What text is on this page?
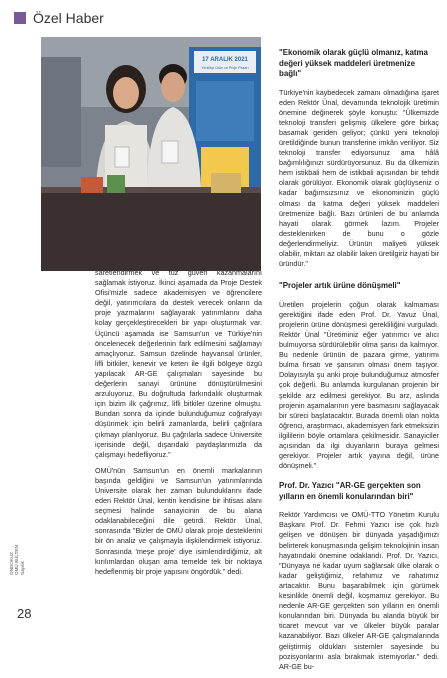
Özel Haber
17 ARALIK 2021
Yenilikçi Ürün ve Proje Pazarı

saretlendirmek ve tüz güven kazanmalarını sağlamak istiyoruz. İkinci aşamada da Proje Destek Ofisi'mizle sadece akademisyen ve öğrencilere değil, yatırımcılara da destek verecek onların da proje yazmalarını sağlayarak yatırımlarını daha kolay gerçekleştirecekleri bir yapı oluşturmak var. Üçüncü aşamada ise Samsun'un ve Türkiye'nin öncelenecek değerlerinin fark edilmesini sağlamayı amaçlıyoruz. Samsun özelinde hayvansal ürünler, lifli bitkiler, kenevir ve keten ile ilgili bölgeye özgü yapılacak AR-GE çalışmaları sayesinde bu değerlerin sanayi ürününe dönüştürülmesini arzuluyoruz. Bu doğrultuda farkındalık oluşturmak için bizim ilk çağrımız, lifli bitkiler üzerine olmuştu. Bundan sonra da içinde bulunduğumuz coğrafyayı düşünmek için belirli zamanlarda, belirli çağrılara çıkmayı planlıyoruz. Bu çağrılarla sadece Üniversite içerisinde değil, dışarıdaki paydaşlarımızla da çalışmayı hedefliyoruz."

OMÜ'nün Samsun'un en önemli markalarının başında geldiğini ve Samsun'un yatırımlarında Üniversite olarak her zaman bulunduklarını ifade eden Rektör Ünal, kentin kendisine bir ihtisas alanı seçmesi halinde sanayicinin de bu alana odaklanabileceğini dile getirdi. Rektör Ünal, sonrasında "Bizler de OMÜ olarak proje desteklerini bir ön analiz ve çalışmayla ilişkilendirmek istiyoruz. Sonrasında 'meşe proje' diye isimlendirdiğimiz, alt kırılımlardan oluşan ama temelde tek bir noktaya hedeflenmiş bir proje yapısını öngördük." dedi.

"Ekonomik olarak güçlü olmanız, katma değeri yüksek maddeleri üretmenize bağlı"

Türkiye'nin kaybedecek zamanı olmadığına işaret eden Rektör Ünal, devamında teknolojik üretimin önemine değinerek şöyle konuştu: "Ülkemizde teknoloji transferi gelişmiş ülkelere göre birkaç basamak geriden geliyor; çünkü yeni teknoloji üretildiğinde bunun transferine imkân veriliyor. Siz teknoloji transfer ediyorsunuz ama hâlâ bağımlılığınızı sürdürüyorsunuz. Bu da ülkemizin hem istikbali hem de istikbali açısından bir tehdit olarak görülüyor. Ekonomik olarak güçlüyseniz o kadar bağımsızsınız ve ekonominizin güçlü olması da katma değeri yüksek maddeleri üretmenize bağlı. Bazı ürünleri de bu anlamda hayati olarak görmek lazım. Projeler desteklenirken de bunu o gözle değerlendirmeliyiz. Ürünün maliyeti yüksek olabilir, miktarı az olabilir laken üretilgiriz hayati bir üründür."

"Projeler artık ürüne dönüşmeli"

Üretilen projelerin çoğun olarak kalmaması gerektiğini ifade eden Prof. Dr. Yavuz Ünal, projelerin ürüne dönüşmesi gerekliliğini vurguladı. Rektör Ünal "Üretiminiz eğer yatırımcı ve alıcı bulmuyorsa sürdürülebilir olma şansı da kalmıyor. Bu nedenle ürünün de pazara girme, yatırımı bulma fırsatı ve şansının olması önem taşıyor. Dolayısıyla şu anki proje bulunduğumuz atmosfer çok değerli. Bu anlamda kurgulanan projenin bir şekilde arz edilmesi gerekiyor. Bu arz, aslında projenin aşamalarının yere basmasını sağlayacak bir süreci başlatacaktır. Burada önemli olan nokta öğrenci, araştırmacı, akademisyen fark etmeksizin ilgililerin böyle ortamlara çekilmesidir. Sanayiciler açısından da ilgi duyanların buraya gelmesi gerekiyor. Projeler artık yayına değil, ürüne dönüşmeli."

Prof. Dr. Yazıcı "AR-GE gerçekten son yılların en önemli konularından biri"

Rektör Yardımcısı ve OMÜ-TTO Yönetim Kurulu Başkanı Prof. Dr. Fehmi Yazıcı ise çok hızlı gelişen ve dönüşen bir dünyada yaşadığımızı belirterek konuşmasında gelişim teknolojinin insan hayatındaki önemine odaklandı. Prof. Dr. Yazıcı, "Dünyaya ne kadar uyum sağlarsak ülke olarak o kadar geliştiğimiz, refahımız ve rahatımız artacaktır. Bunu başarabilmek için gürümek kesinlikle önemli değil, koşmamız gerekiyor. Bu nedenle AR-GE gerçekten son yılların en önemli konularından biri. Dünyada bu alanda büyük bir ticaret mevcut var ve ülkeler büyük paralar kazanabiliyor. Bazı ülkeler AR-GE çalışmalarında geliştirmiş oldukları sistemler sayesinde bu pozisyonlarını asla bırakmak istemiyorlar." dedi. AR-GE bu-

ONDOKUZ
OMÜ BÜLTEN
Sayılık
28
